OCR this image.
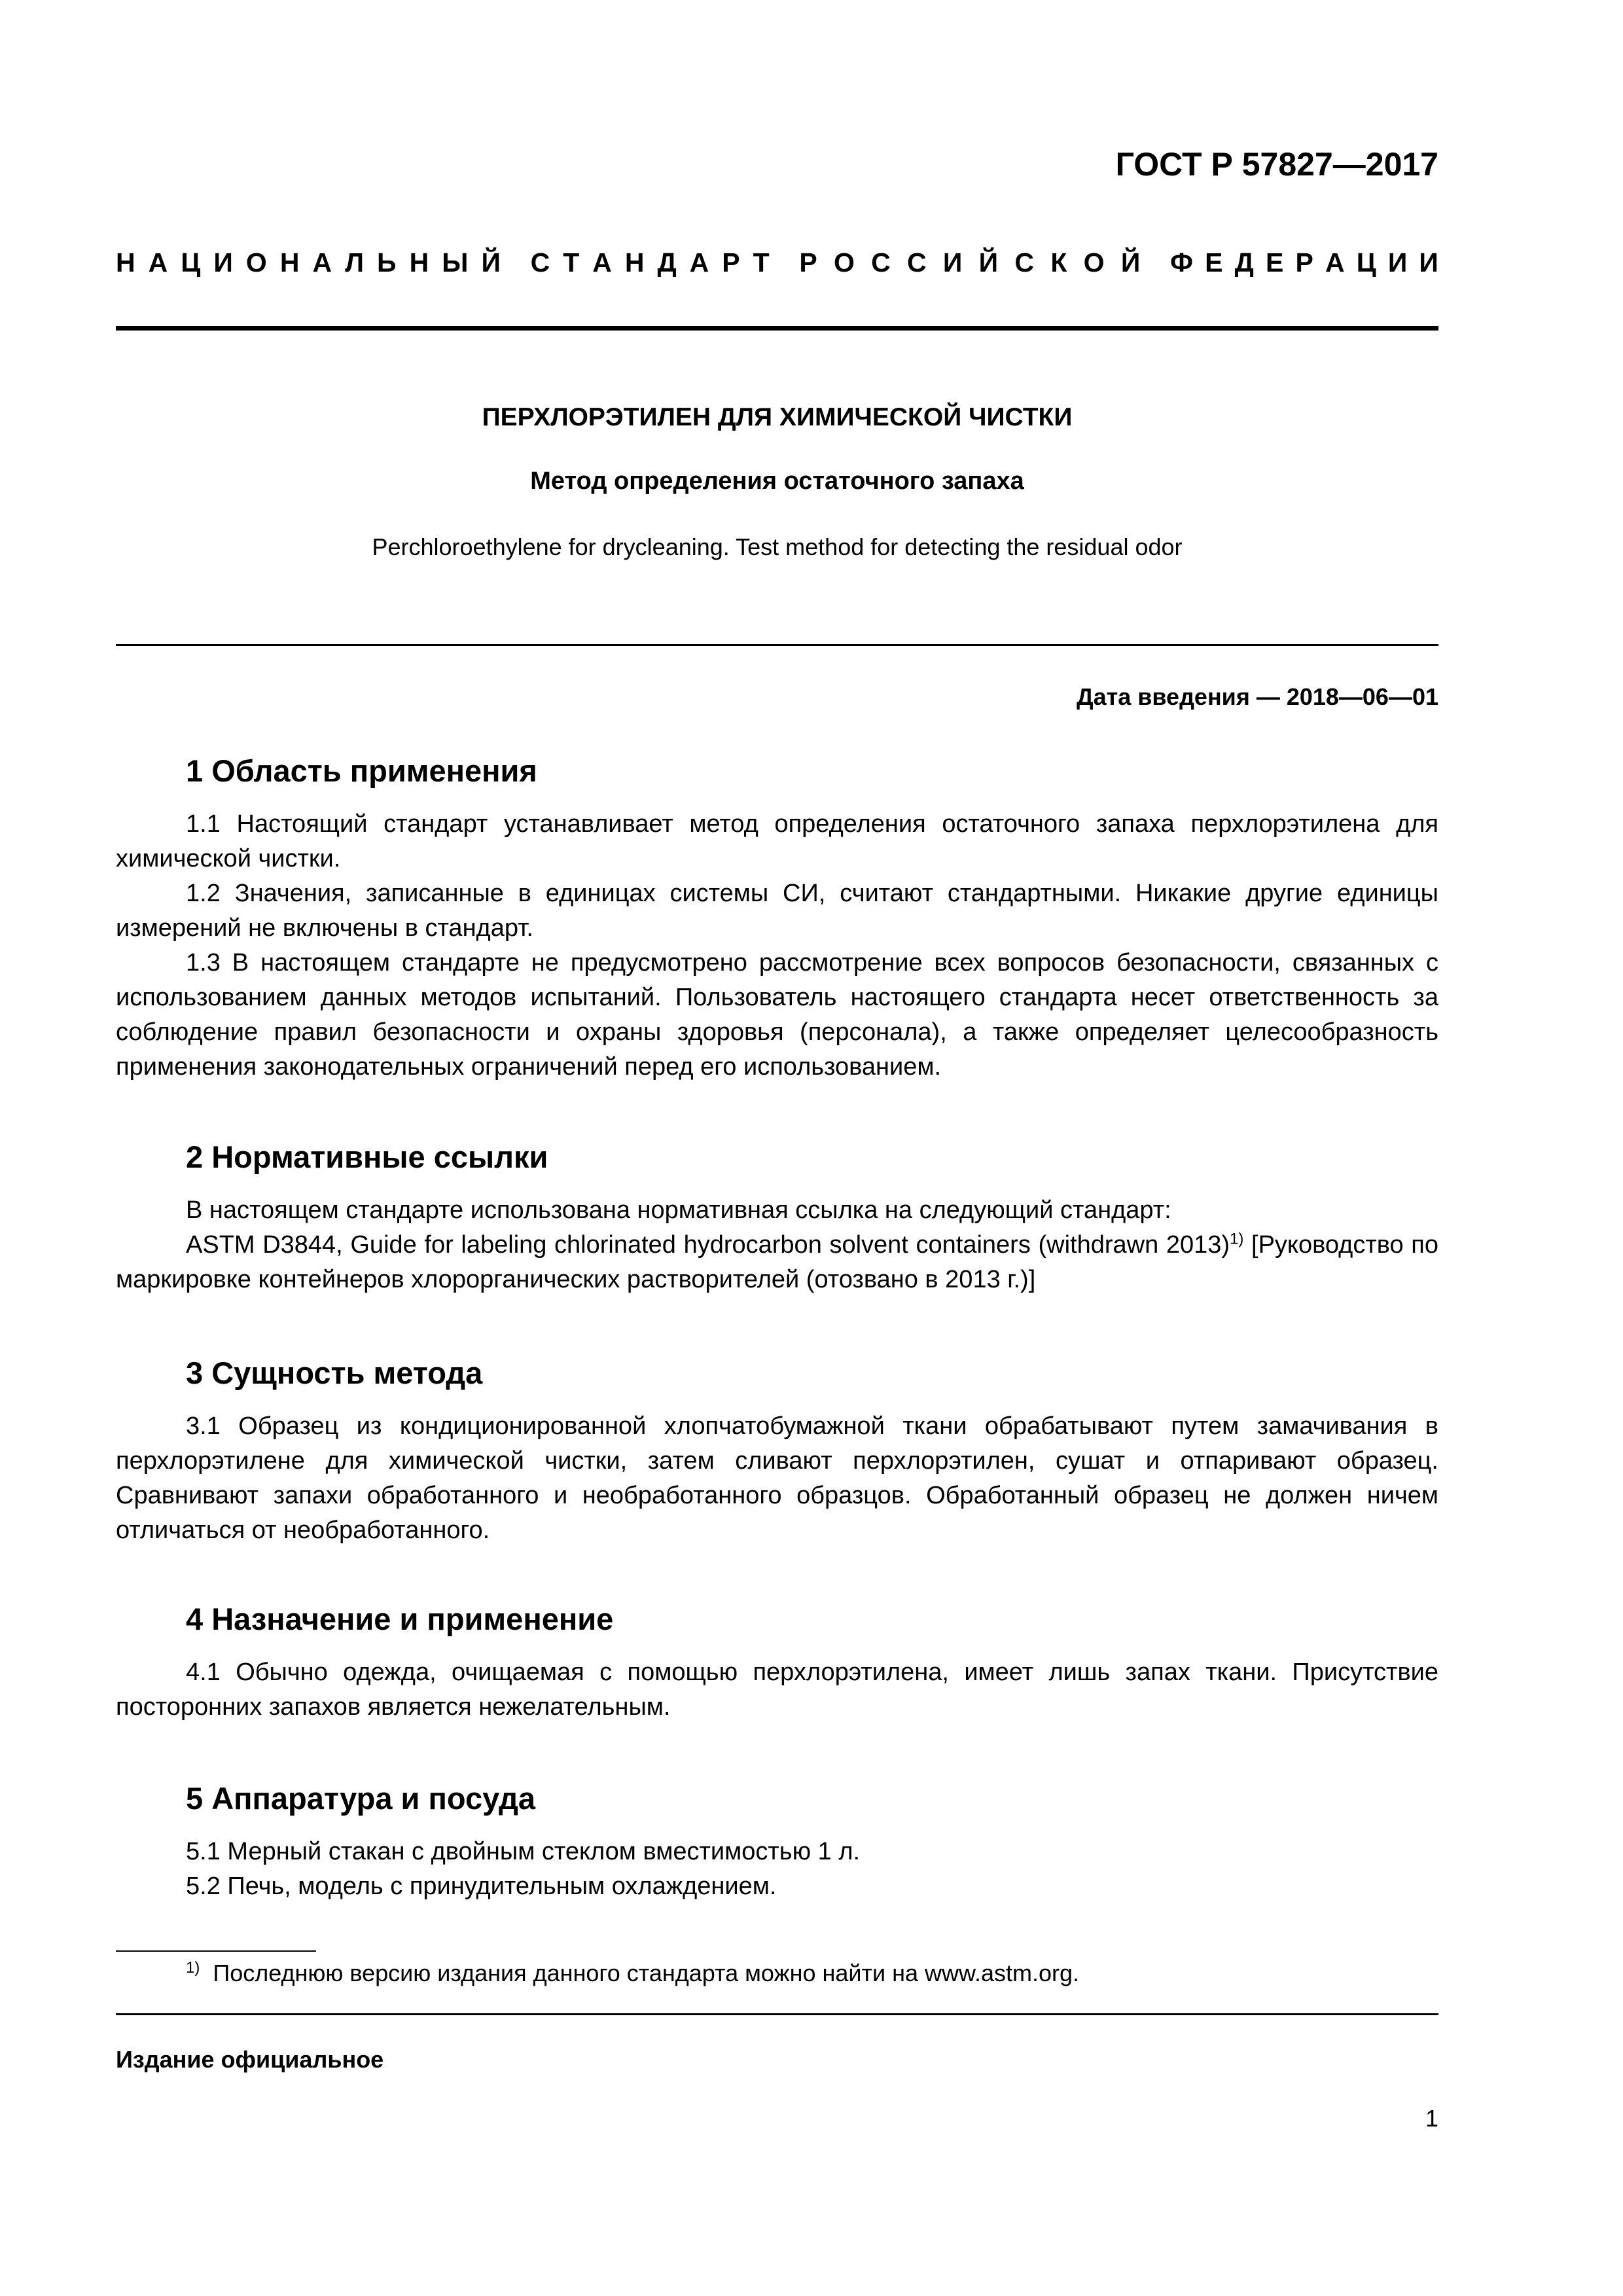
ГОСТ Р 57827—2017
Н А Ц И О Н А Л Ь Н Ы Й С Т А Н Д А Р Т Р О С С И Й С К О Й Ф Е Д Е Р А Ц И И
ПЕРХЛОРЭТИЛЕН ДЛЯ ХИМИЧЕСКОЙ ЧИСТКИ
Метод определения остаточного запаха
Perchloroethylene for drycleaning. Test method for detecting the residual odor
Дата введения — 2018—06—01
1 Область применения

1.1 Настоящий стандарт устанавливает метод определения остаточного запаха перхлорэтилена для химической чистки.

1.2 Значения, записанные в единицах системы СИ, считают стандартными. Никакие другие единицы измерений не включены в стандарт.

1.3 В настоящем стандарте не предусмотрено рассмотрение всех вопросов безопасности, связанных с использованием данных методов испытаний. Пользователь настоящего стандарта несет ответственность за соблюдение правил безопасности и охраны здоровья (персонала), а также определяет целесообразность применения законодательных ограничений перед его использованием.

2 Нормативные ссылки

В настоящем стандарте использована нормативная ссылка на следующий стандарт:

ASTM D3844, Guide for labeling chlorinated hydrocarbon solvent containers (withdrawn 2013)$^{1)}$ [Руководство по маркировке контейнеров хлорорганических растворителей (отозвано в 2013 г.)]

3 Сущность метода

3.1 Образец из кондиционированной хлопчатобумажной ткани обрабатывают путем замачивания в перхлорэтилене для химической чистки, затем сливают перхлорэтилен, сушат и отпаривают образец. Сравнивают запахи обработанного и необработанного образцов. Обработанный образец не должен ничем отличаться от необработанного.

4 Назначение и применение

4.1 Обычно одежда, очищаемая с помощью перхлорэтилена, имеет лишь запах ткани. Присутствие посторонних запахов является нежелательным.

5 Аппаратура и посуда

5.1 Мерный стакан с двойным стеклом вместимостью 1 л.

5.2 Печь, модель с принудительным охлаждением.

$^{1)}$ Последнюю версию издания данного стандарта можно найти на www.astm.org.
Издание официальное
1
